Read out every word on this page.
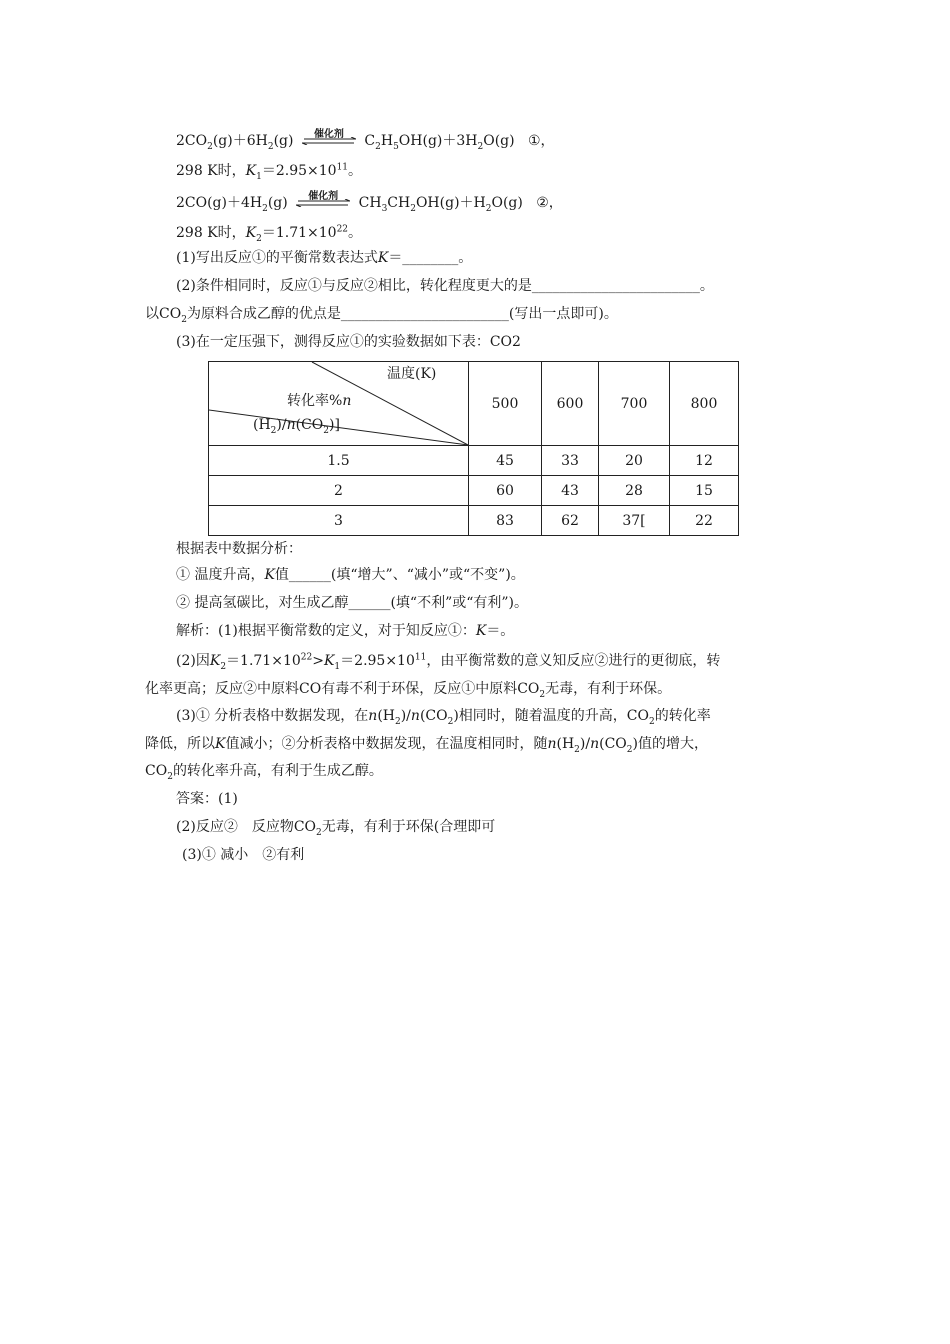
$2CO_2(g)+6H_2(g)$	催化剂	$C_2H_5OH(g)+3H_2O(g)$ ①，
298 K时，$K_1=2.95\times 10^{11}$。
$2CO(g)+4H_2(g)$	催化剂	$CH_3CH_2OH(g)+H_2O(g)$ ②，
298 K时，$K_2=1.71\times 10^{22}$。
(1)写出反应①的平衡常数表达式K＝________。
(2)条件相同时，反应①与反应②相比，转化程度更大的是________________________。
以$CO_2$为原料合成乙醇的优点是________________________(写出一点即可)。
(3)在一定压强下，测得反应①的实验数据如下表：CO2
温度(K)
转化率%n
$(H_2)/n(CO_2)$]	500	600	700	800
1.5	45	33	20	12
2	60	43	28	15
3	83	62	37[	22
根据表中数据分析：
① 温度升高，K值______(填“增大”、“减小”或“不变”)。
② 提高氢碳比，对生成乙醇______(填“不利”或“有利”)。
解析：(1)根据平衡常数的定义，对于知反应①：K＝。
(2)因$K_2=1.71\times 10^{22}>K_1=2.95\times 10^{11}$，由平衡常数的意义知反应②进行的更彻底，转
化率更高；反应②中原料CO有毒不利于环保，反应①中原料$CO_2$无毒，有利于环保。
(3)① 分析表格中数据发现，在$n(H_2)/n(CO_2)$相同时，随着温度的升高，$CO_2$的转化率
降低，所以K值减小；②分析表格中数据发现，在温度相同时，随$n(H_2)/n(CO_2)$值的增大，
$CO_2$的转化率升高，有利于生成乙醇。
答案：(1)
(2)反应②　反应物$CO_2$无毒，有利于环保(合理即可
(3)① 减小　②有利
